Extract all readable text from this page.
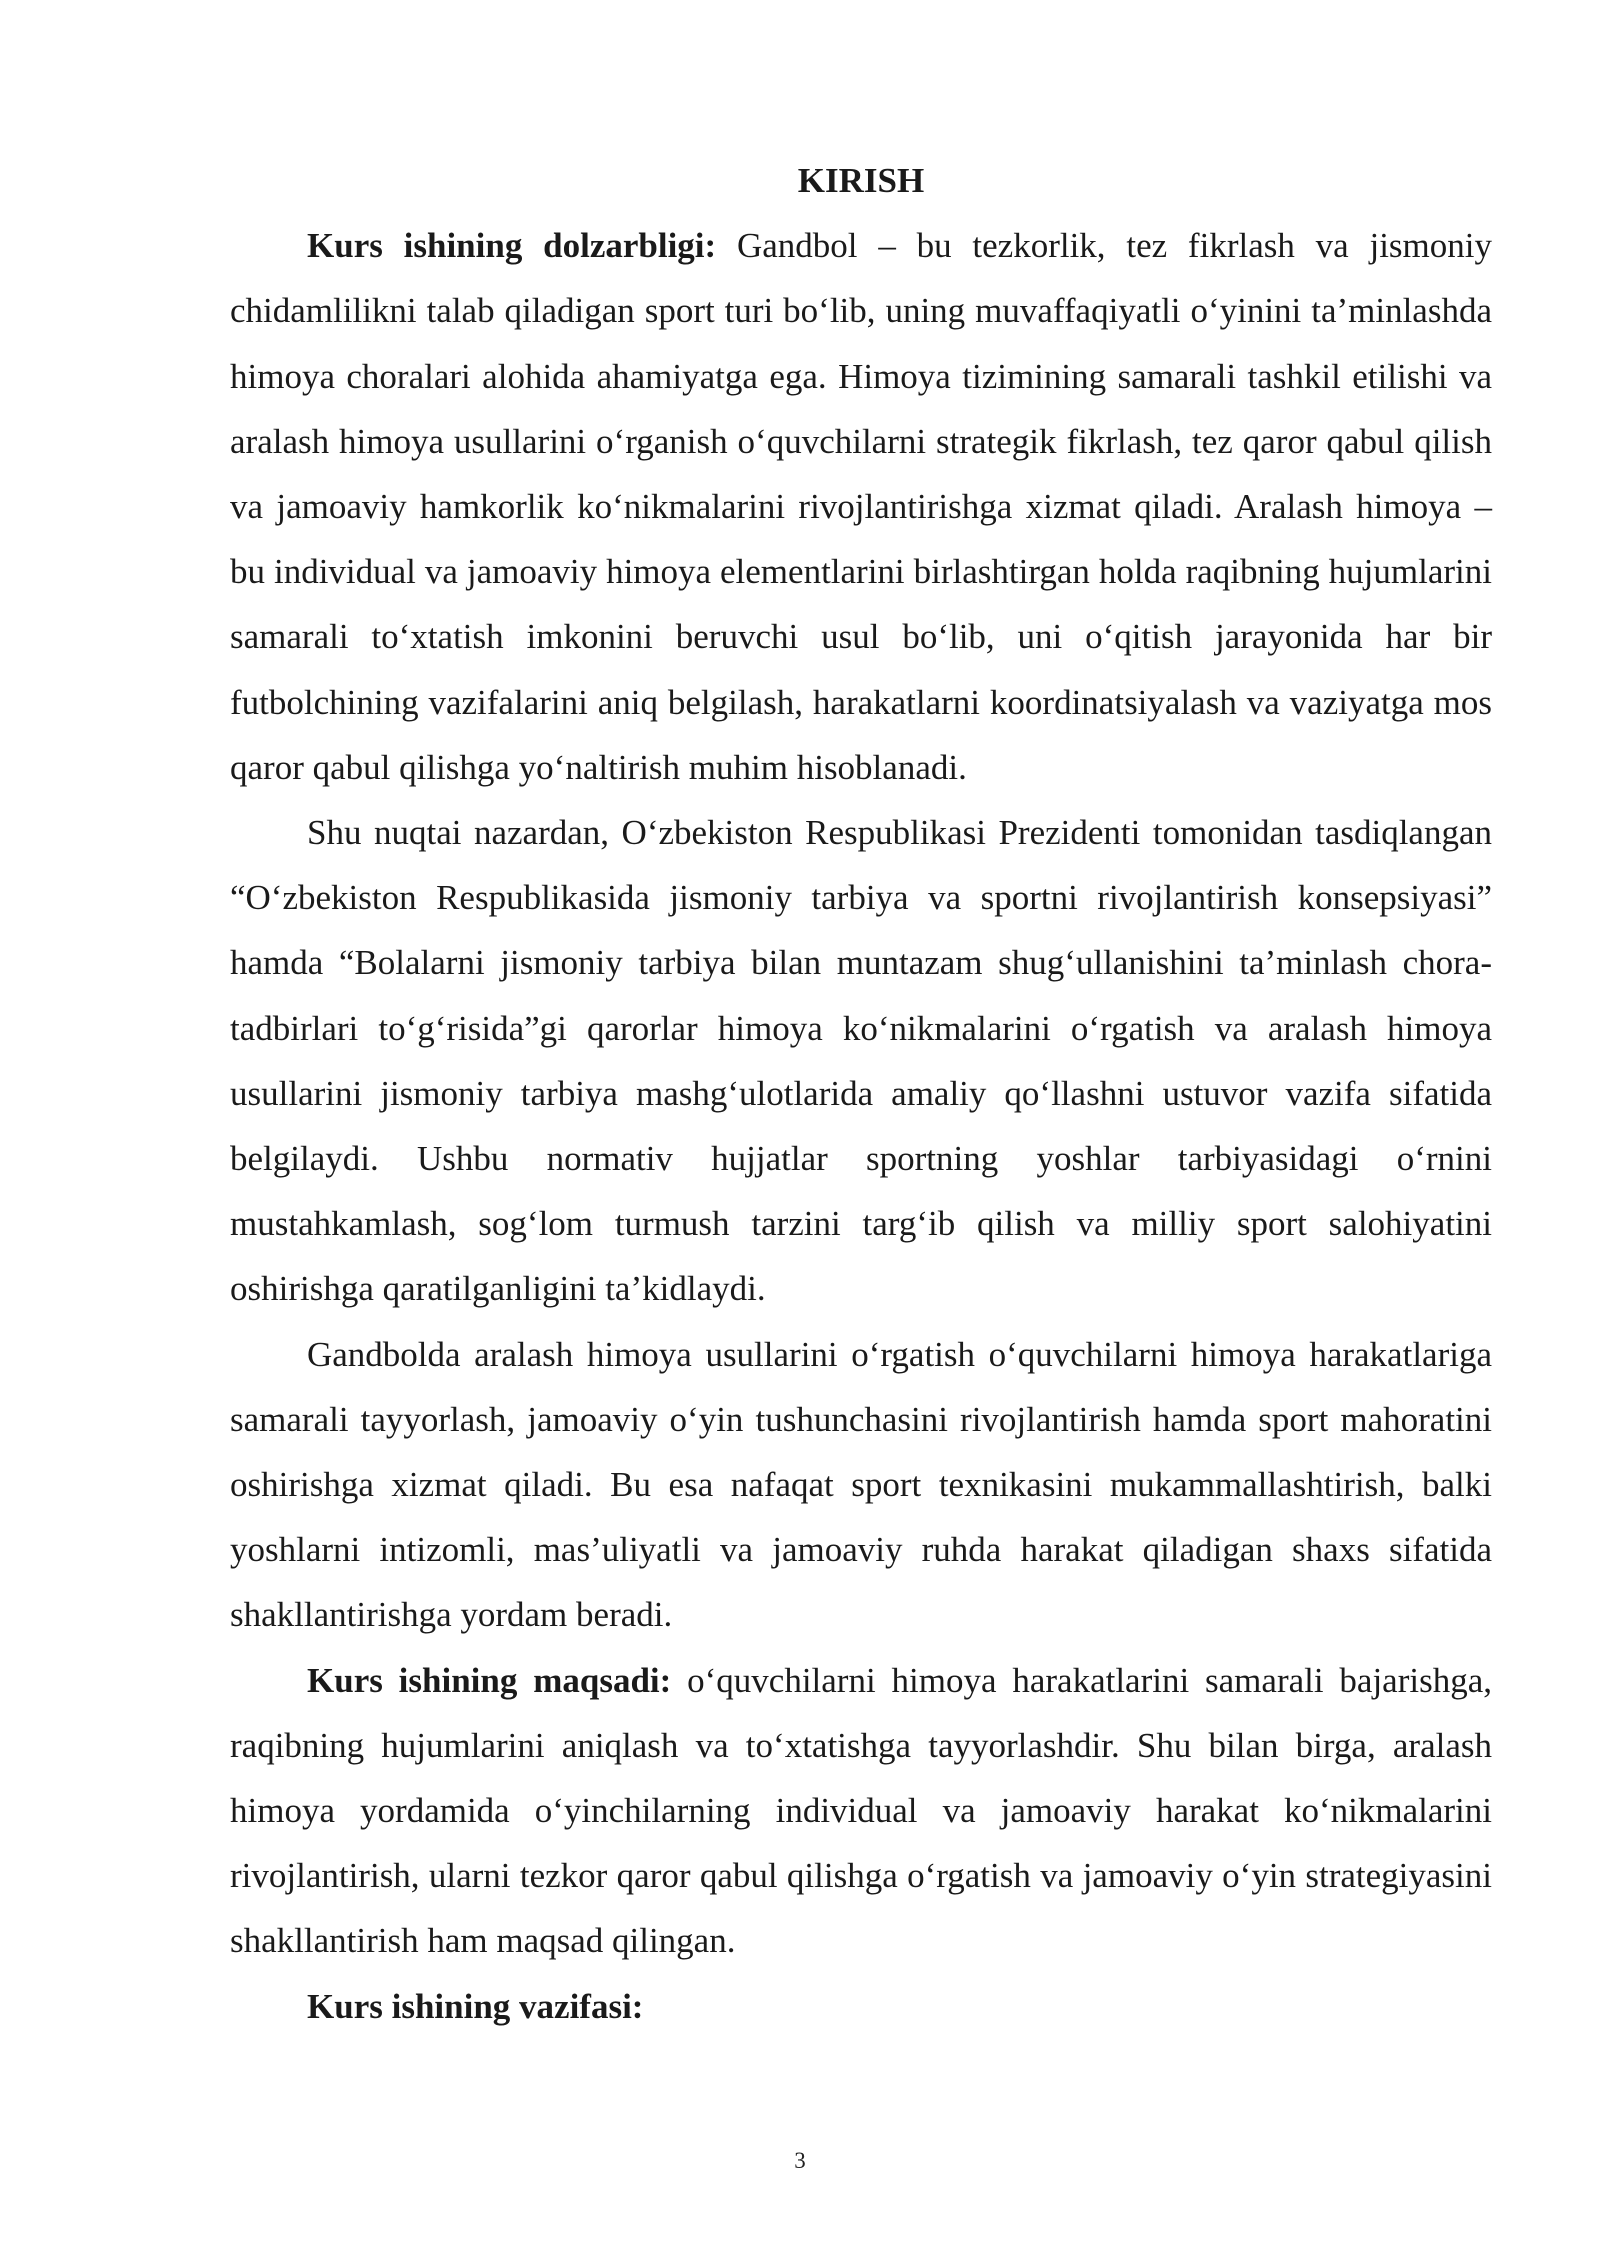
KIRISH

Kurs ishining dolzarbligi: Gandbol – bu tezkorlik, tez fikrlash va jismoniy chidamlilikni talab qiladigan sport turi bo‘lib, uning muvaffaqiyatli o‘yinini ta’minlashda himoya choralari alohida ahamiyatga ega. Himoya tizimining samarali tashkil etilishi va aralash himoya usullarini o‘rganish o‘quvchilarni strategik fikrlash, tez qaror qabul qilish va jamoaviy hamkorlik ko‘nikmalarini rivojlantirishga xizmat qiladi. Aralash himoya – bu individual va jamoaviy himoya elementlarini birlashtirgan holda raqibning hujumlarini samarali to‘xtatish imkonini beruvchi usul bo‘lib, uni o‘qitish jarayonida har bir futbolchining vazifalarini aniq belgilash, harakatlarni koordinatsiyalash va vaziyatga mos qaror qabul qilishga yo‘naltirish muhim hisoblanadi.

Shu nuqtai nazardan, O‘zbekiston Respublikasi Prezidenti tomonidan tasdiqlangan “O‘zbekiston Respublikasida jismoniy tarbiya va sportni rivojlantirish konsepsiyasi” hamda “Bolalarni jismoniy tarbiya bilan muntazam shug‘ullanishini ta’minlash chora-tadbirlari to‘g‘risida”gi qarorlar himoya ko‘nikmalarini o‘rgatish va aralash himoya usullarini jismoniy tarbiya mashg‘ulotlarida amaliy qo‘llashni ustuvor vazifa sifatida belgilaydi. Ushbu normativ hujjatlar sportning yoshlar tarbiyasidagi o‘rnini mustahkamlash, sog‘lom turmush tarzini targ‘ib qilish va milliy sport salohiyatini oshirishga qaratilganligini ta’kidlaydi.

Gandbolda aralash himoya usullarini o‘rgatish o‘quvchilarni himoya harakatlariga samarali tayyorlash, jamoaviy o‘yin tushunchasini rivojlantirish hamda sport mahoratini oshirishga xizmat qiladi. Bu esa nafaqat sport texnikasini mukammallashtirish, balki yoshlarni intizomli, mas’uliyatli va jamoaviy ruhda harakat qiladigan shaxs sifatida shakllantirishga yordam beradi.

Kurs ishining maqsadi: o‘quvchilarni himoya harakatlarini samarali bajarishga, raqibning hujumlarini aniqlash va to‘xtatishga tayyorlashdir. Shu bilan birga, aralash himoya yordamida o‘yinchilarning individual va jamoaviy harakat ko‘nikmalarini rivojlantirish, ularni tezkor qaror qabul qilishga o‘rgatish va jamoaviy o‘yin strategiyasini shakllantirish ham maqsad qilingan.

Kurs ishining vazifasi:

3
